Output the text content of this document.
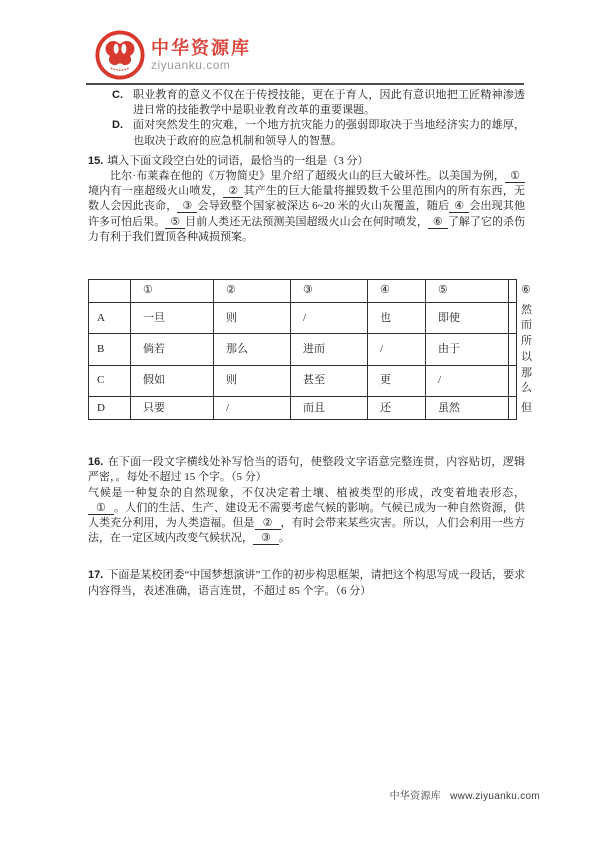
中华资源库
ziyuanku.com
C. 职业教育的意义不仅在于传授技能，更在于育人，因此有意识地把工匠精神渗透进日常的技能教学中是职业教育改革的重要课题。
D. 面对突然发生的灾难，一个地方抗灾能力的强弱即取决于当地经济实力的雄厚，也取决于政府的应急机制和领导人的智慧。
15. 填入下面文段空白处的词语，最恰当的一组是（3 分）
比尔·布莱森在他的《万物简史》里介绍了超级火山的巨大破坏性。以美国为例， ①境内有一座超级火山喷发， ② 其产生的巨大能量将摧毁数千公里范围内的所有东西，无数人会因此丧命， ③ 会导致整个国家被深达 6~20 米的火山灰覆盖，随后 ④ 会出现其他许多可怕后果。 ⑤ 目前人类还无法预测美国超级火山会在何时喷发， ⑥ 了解了它的杀伤力有利于我们置顶各种减损预案。
	①	②	③	④	⑤	⑥
A	一旦	则	/	也	即使	然而
B	倘若	那么	进而	/	由于	所以
C	假如	则	甚至	更	/	那么
D	只要	/	而且	还	虽然	但
16. 在下面一段文字横线处补写恰当的语句，使整段文字语意完整连贯，内容贴切，逻辑严密，。每处不超过 15 个字。（5 分）
气候是一种复杂的自然现象，不仅决定着土壤、植被类型的形成，改变着地表形态，① 。人们的生活、生产、建设无不需要考虑气候的影响。气候已成为一种自然资源，供人类充分利用，为人类造福。但是 ② ，有时会带来某些灾害。所以，人们会利用一些方法，在一定区域内改变气候状况， ③ 。
17. 下面是某校团委“中国梦想演讲”工作的初步构思框架，请把这个构思写成一段话，要求内容得当，表述准确，语言连贯，不超过 85 个字。（6 分）
中华资源库 www.ziyuanku.com
